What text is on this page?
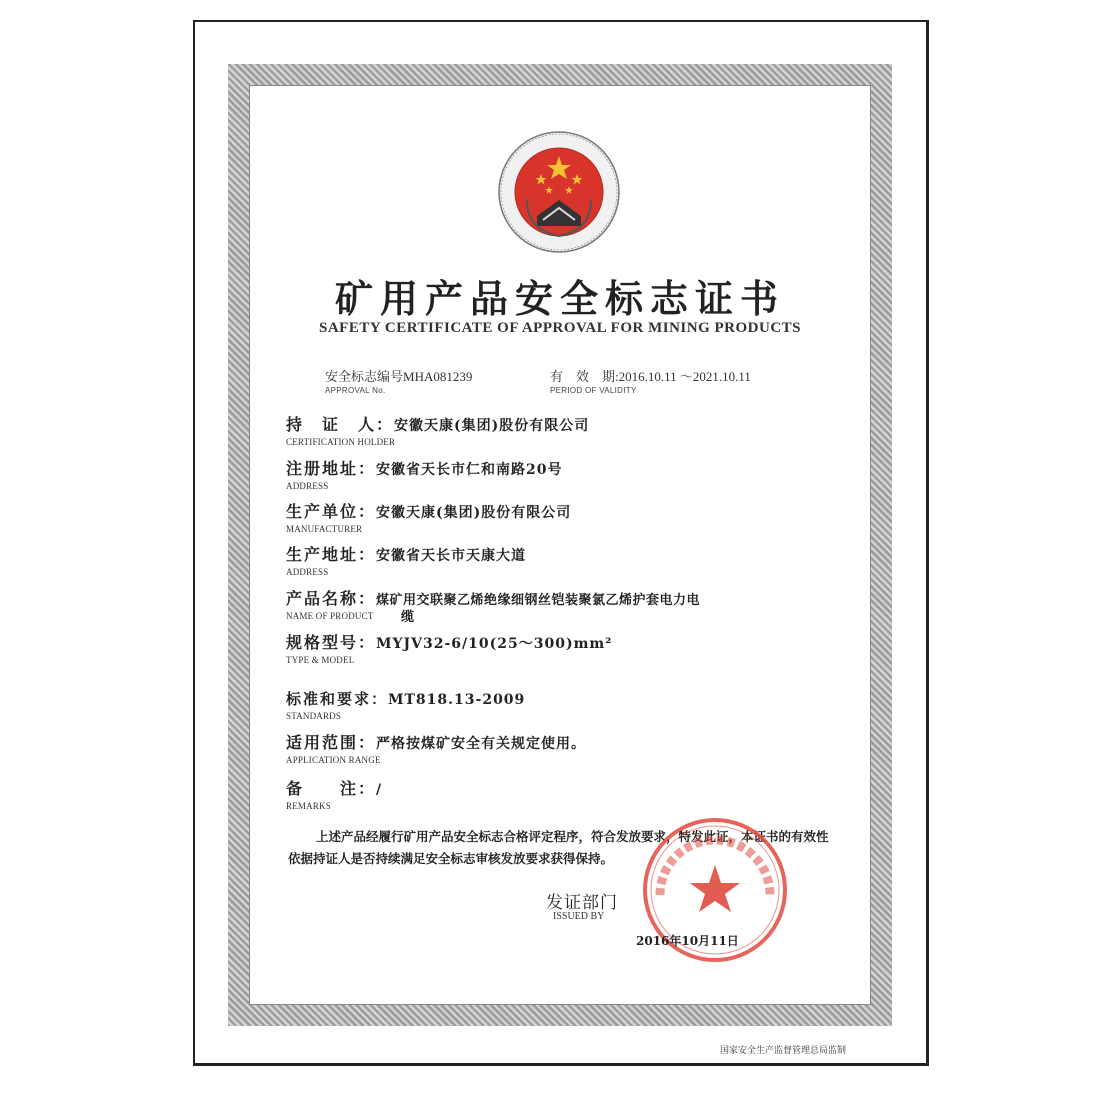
矿用产品安全标志证书
SAFETY CERTIFICATE OF APPROVAL FOR MINING PRODUCTS
安全标志编号MHA081239
APPROVAL No.
有　效　期:2016.10.11 ～2021.10.11
PERIOD OF VALIDITY
持　证　人：安徽天康(集团)股份有限公司
CERTIFICATION HOLDER
注册地址：安徽省天长市仁和南路20号
ADDRESS
生产单位：安徽天康(集团)股份有限公司
MANUFACTURER
生产地址：安徽省天长市天康大道
ADDRESS
产品名称：煤矿用交联聚乙烯绝缘细钢丝铠装聚氯乙烯护套电力电
缆
NAME OF PRODUCT
规格型号：MYJV32-6/10(25～300)mm²
TYPE & MODEL
标准和要求：MT818.13-2009
STANDARDS
适用范围：严格按煤矿安全有关规定使用。
APPLICATION RANGE
备　　注：/
REMARKS
上述产品经履行矿用产品安全标志合格评定程序，符合发放要求，特发此证，本证书的有效性依据持证人是否持续满足安全标志审核发放要求获得保持。
发证部门
ISSUED BY
2016年10月11日
国家安全生产监督管理总局监制
